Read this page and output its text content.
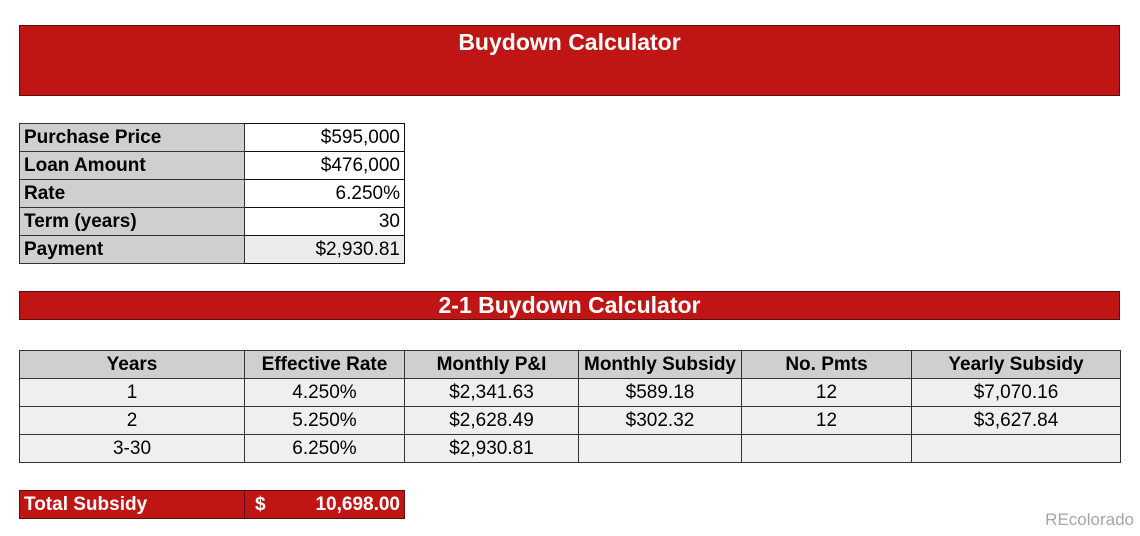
Buydown Calculator
Purchase Price	$595,000
Loan Amount	$476,000
Rate	6.250%
Term (years)	30
Payment	$2,930.81
2-1 Buydown Calculator
Years	Effective Rate	Monthly P&I	Monthly Subsidy	No. Pmts	Yearly Subsidy
1	4.250%	$2,341.63	$589.18	12	$7,070.16
2	5.250%	$2,628.49	$302.32	12	$3,627.84
3-30	6.250%	$2,930.81			
Total Subsidy	$	10,698.00
REcolorado
